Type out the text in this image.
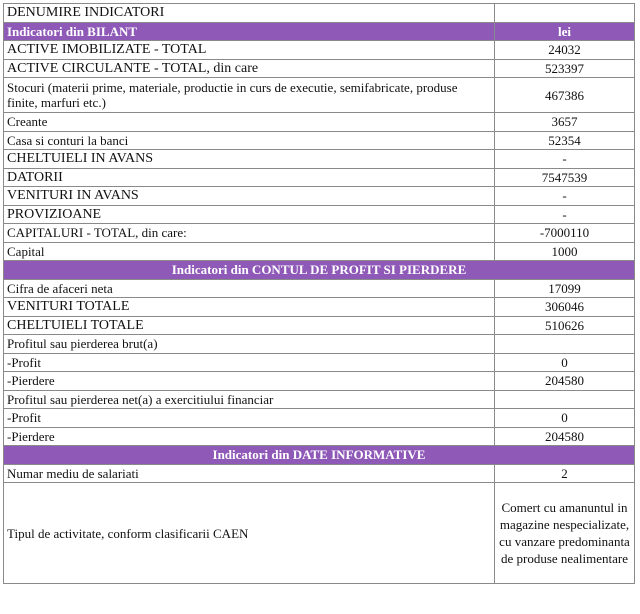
DENUMIRE INDICATORI	
Indicatori din BILANT	lei
ACTIVE IMOBILIZATE - TOTAL	24032
ACTIVE CIRCULANTE - TOTAL, din care	523397
Stocuri (materii prime, materiale, productie in curs de executie, semifabricate, produse finite, marfuri etc.)	467386
Creante	3657
Casa si conturi la banci	52354
CHELTUIELI IN AVANS	-
DATORII	7547539
VENITURI IN AVANS	-
PROVIZIOANE	-
CAPITALURI - TOTAL, din care:	-7000110
Capital	1000
Indicatori din CONTUL DE PROFIT SI PIERDERE	
Cifra de afaceri neta	17099
VENITURI TOTALE	306046
CHELTUIELI TOTALE	510626
Profitul sau pierderea brut(a)	
-Profit	0
-Pierdere	204580
Profitul sau pierderea net(a) a exercitiului financiar	
-Profit	0
-Pierdere	204580
Indicatori din DATE INFORMATIVE	
Numar mediu de salariati	2
Tipul de activitate, conform clasificarii CAEN	Comert cu amanuntul in magazine nespecializate, cu vanzare predominanta de produse nealimentare
